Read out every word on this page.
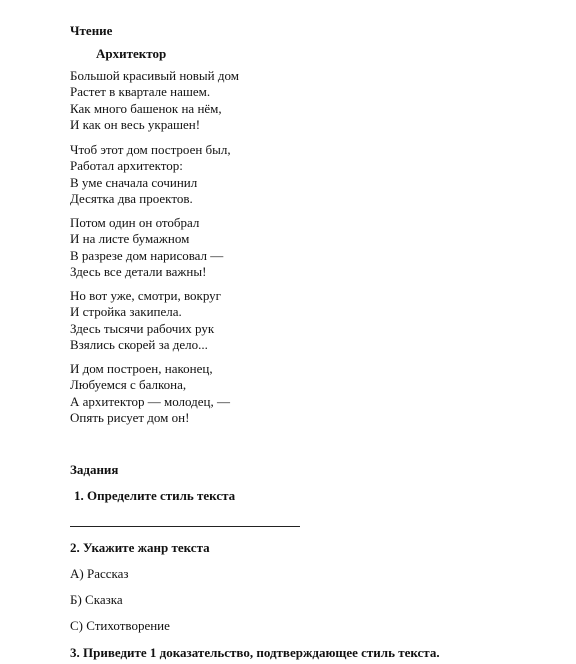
Чтение
Архитектор
Большой красивый новый дом
Растет в квартале нашем.
Как много башенок на нём,
И как он весь украшен!
Чтоб этот дом построен был,
Работал архитектор:
В уме сначала сочинил
Десятка два проектов.
Потом один он отобрал
И на листе бумажном
В разрезе дом нарисовал —
Здесь все детали важны!
Но вот уже, смотри, вокруг
И стройка закипела.
Здесь тысячи рабочих рук
Взялись скорей за дело...
И дом построен, наконец,
Любуемся с балкона,
А архитектор — молодец, —
Опять рисует дом он!
Задания
1. Определите стиль текста
2. Укажите жанр текста
А) Рассказ
Б) Сказка
С) Стихотворение
3. Приведите 1 доказательство, подтверждающее стиль текста.
